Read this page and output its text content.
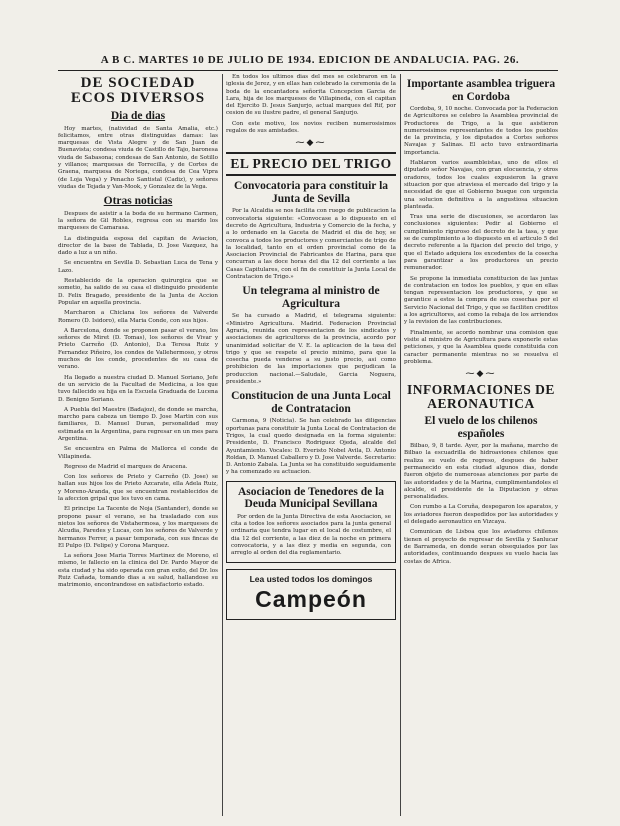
A B C. MARTES 10 DE JULIO DE 1934. EDICION DE ANDALUCIA. PAG. 26.
DE SOCIEDAD ECOS DIVERSOS
Dia de dias

Hoy martes, (natividad de Santa Amalia, etc.) felicitamos, entre otras distinguidas damas: las marquesas de Vista Alegre y de San Juan de Buenavista; condesa viuda de Castillo de Tajo, baronesa viuda de Sabasona; condesas de San Antonio, de Sotillo y villanos; marquesas de Torrecilla, y de Cortes de Graena, marquesa de Noriega, condesa de Cea Vipra (de Loja Vega) y Penacho Santistal (Cadiz), y señores viudas de Tejada y Van-Mook, y Gonzalez de la Vega.

Otras noticias

Despues de asistir a la boda de su hermano Carmen, la señora de Gil Robles, regresa con su marido los marqueses de Camarasa.

La distinguida esposa del capitan de Aviacion, director de la base de Tablada, D. Jose Vazquez, ha dado a luz a un niño.

Se encuentra en Sevilla D. Sebastian Luca de Tena y Lazo.

Restablecido de la operacion quirurgica que se sometio, ha salido de su casa el distinguido presidente D. Felix Bragado, presidente de la Junta de Accion Popular en aquella provincia.

Marcharon a Chiclana los señores de Valverde Romero (D. Isidoro), ella Maria Conde, con sus hijos.

A Barcelona, donde se proponen pasar el verano, los señores de Miret (D. Tomas), los señores de Vivar y Prieto Carreño (D. Antonio), D.a Teresa Ruiz y Fernandez Piñeiro, los condes de Vallehermoso, y otros muchos de los conde, procedentes de su casa de verano.

Ha llegado a nuestra ciudad D. Manuel Soriano, Jefe de un servicio de la Facultad de Medicina, a los que tuvo fallecido su hija en la Escuela Graduada de Lucena D. Benigno Soriano.

A Puebla del Maestre (Badajoz), de donde se marcha, marcho para cabeza un tiempo D. Jose Martin con sus familiares, D. Manuel Duran, personalidad muy estimada en la Argentina, para regresar en un mes para Argentina.

Se encuentra en Palma de Mallorca el conde de Villapineda.

Regreso de Madrid el marques de Aracena.

Con los señores de Prieto y Carreño (D. Jose) se hallan sus hijos los de Prieto Azcarate, ella Adela Ruiz, y Moreno-Aranda, que se encuentran restablecidos de la afeccion gripal que les tuvo en cama.

El principe La Tacente de Noja (Santander), donde se propone pasar el verano, se ha trasladado con sus nietos los señores de Vistahermosa, y los marqueses de Alcudia, Paredes y Lucas, con los señores de Valverde y hermanos Ferrer, a pasar temporada, con sus fincas de El Pulpo (D. Felipe) y Corona Marquez.

La señora Jose Maria Torres Martinez de Moreno, el mismo, le fallecio en la clinica del Dr. Pardo Mayor de esta ciudad y ha sido operada con gran exito, del Dr. los Ruiz Cañada, tomando dias a su salud, hallandose su matrimonio, encontrandose en satisfactorio estado.

En todos los ultimos dias del mes se celebraron en la iglesia de Jerez, y en ellas han celebrado la ceremonia de la boda de la encantadora señorita Concepcion Garcia de Lara, hija de los marqueses de Villapineda, con el capitan del Ejercito D. Jesus Sanjurjo, actual marques del Rif, por cesion de su ilustre padre, el general Sanjurjo.

Con este motivo, los novios reciben numerosisimos regalos de sus amistades.

⁓◆⁓
EL PRECIO DEL TRIGO
Convocatoria para constituir la Junta de Sevilla

Por la Alcaldia se nos facilita con ruego de publicacion la convocatoria siguiente: «Convocase a lo dispuesto en el decreto de Agricultura, Industria y Comercio de la fecha, y a lo ordenado en la Gaceta de Madrid el dia de hoy, se convoca a todos los productores y comerciantes de trigo de la localidad, tanto en el orden provincial como de la Asociacion Provincial de Fabricantes de Harina, para que concurran a las doce horas del dia 12 del corriente a las Casas Capitulares, con el fin de constituir la Junta Local de Contratacion de Trigo.»

Un telegrama al ministro de Agricultura

Se ha cursado a Madrid, el telegrama siguiente: «Ministro Agricultura. Madrid. Federacion Provincial Agraria, reunida con representacion de los sindicatos y asociaciones de agricultores de la provincia, acordo por unanimidad solicitar de V. E. la aplicacion de la tasa del trigo y que se respete el precio minimo, para que la cosecha pueda venderse a su justo precio, asi como prohibicion de las importaciones que perjudican la produccion nacional.—Saludale, Garcia Noguera, presidente.»

Constitucion de una Junta Local de Contratacion

Carmona, 9 (Noticia). Se han celebrado las diligencias oportunas para constituir la Junta Local de Contratacion de Trigos, la cual quedo designada en la forma siguiente: Presidente, D. Francisco Rodriguez Ojeda, alcalde del Ayuntamiento. Vocales: D. Everisto Nobel Avila, D. Antonio Roldan, D. Manuel Caballero y D. Jose Valverde. Secretario: D. Antonio Zabala. La Junta se ha constituido seguidamente y ha comenzado su actuacion.

Asociacion de Tenedores de la Deuda Municipal Sevillana

Por orden de la Junta Directiva de esta Asociacion, se cita a todos los señores asociados para la junta general ordinaria que tendra lugar en el local de costumbre, el dia 12 del corriente, a las diez de la noche en primera convocatoria, y a las diez y media en segunda, con arreglo al orden del dia reglamentario.

Lea usted todos los domingos
Campeón
Importante asamblea triguera en Cordoba

Cordoba, 9, 10 noche. Convocada por la Federacion de Agricultores se celebro la Asamblea provincial de Productores de Trigo, a la que asistieron numerosisimos representantes de todos los pueblos de la provincia, y los diputados a Cortes señores Navajas y Salinas. El acto tuvo extraordinaria importancia.

Hablaron varios asambleistas, uno de ellos el diputado señor Navajas, con gran elocuencia, y otros oradores, todos los cuales expusieron la grave situacion por que atraviesa el mercado del trigo y la necesidad de que el Gobierno busque con urgencia una solucion definitiva a la angustiosa situacion planteada.

Tras una serie de discusiones, se acordaron las conclusiones siguientes: Pedir al Gobierno el cumplimiento riguroso del decreto de la tasa, y que se de cumplimiento a lo dispuesto en el articulo 5 del decreto referente a la fijacion del precio del trigo, y que el Estado adquiera los excedentes de la cosecha para garantizar a los productores un precio remunerador.

Se propone la inmediata constitucion de las juntas de contratacion en todos los pueblos, y que en ellas tengan representacion los productores, y que se garantice a estos la compra de sus cosechas por el Servicio Nacional del Trigo, y que se faciliten creditos a los agricultores, asi como la rebaja de los arriendos y la revision de las contribuciones.

Finalmente, se acordo nombrar una comision que visite al ministro de Agricultura para exponerle estas peticiones, y que la Asamblea quede constituida con caracter permanente mientras no se resuelva el problema.

⁓◆⁓
INFORMACIONES DE AERONAUTICA
El vuelo de los chilenos españoles

Bilbao, 9, 8 tarde. Ayer, por la mañana, marcho de Bilbao la escuadrilla de hidroaviones chilenos que realiza su vuelo de regreso, despues de haber permanecido en esta ciudad algunos dias, donde fueron objeto de numerosas atenciones por parte de las autoridades y de la Marina, cumplimentandoles el alcalde, el presidente de la Diputacion y otras personalidades.

Con rumbo a La Coruña, despegaron los aparatos, y los aviadores fueron despedidos por las autoridades y el delegado aeronautico en Vizcaya.

Comunican de Lisboa que los aviadores chilenos tienen el proyecto de regresar de Sevilla y Sanlucar de Barrameda, en donde seran obsequiados por las autoridades, continuando despues su vuelo hacia las costas de Africa.
